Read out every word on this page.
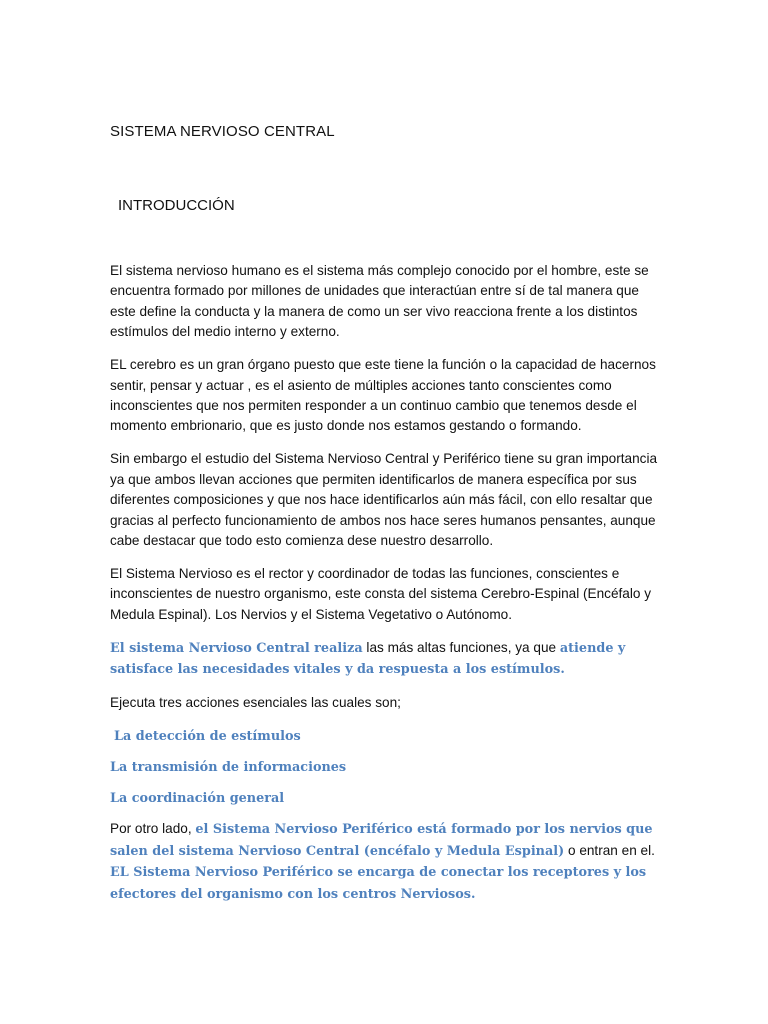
SISTEMA NERVIOSO CENTRAL
INTRODUCCIÓN

El sistema nervioso humano es el sistema más complejo conocido por el hombre, este se encuentra formado por millones de unidades que interactúan entre sí de tal manera que este define la conducta y la manera de como un ser vivo reacciona frente a los distintos estímulos del medio interno y externo.

EL cerebro es un gran órgano puesto que este tiene la función o la capacidad de hacernos sentir, pensar y actuar , es el asiento de múltiples acciones tanto conscientes como inconscientes que nos permiten responder a un continuo cambio que tenemos desde el momento embrionario, que es justo donde nos estamos gestando o formando.

Sin embargo el estudio del Sistema Nervioso Central y Periférico tiene su gran importancia ya que ambos llevan acciones que permiten identificarlos de manera específica por sus diferentes composiciones y que nos hace identificarlos aún más fácil, con ello resaltar que gracias al perfecto funcionamiento de ambos nos hace seres humanos pensantes, aunque cabe destacar que todo esto comienza dese nuestro desarrollo.

El Sistema Nervioso es el rector y coordinador de todas las funciones, conscientes e inconscientes de nuestro organismo, este consta del sistema Cerebro-Espinal (Encéfalo y Medula Espinal). Los Nervios y el Sistema Vegetativo o Autónomo.

El sistema Nervioso Central realiza las más altas funciones, ya que atiende y satisface las necesidades vitales y da respuesta a los estímulos.

Ejecuta tres acciones esenciales las cuales son;

La detección de estímulos

La transmisión de informaciones

La coordinación general

Por otro lado, el Sistema Nervioso Periférico está formado por los nervios que salen del sistema Nervioso Central (encéfalo y Medula Espinal) o entran en el. EL Sistema Nervioso Periférico se encarga de conectar los receptores y los efectores del organismo con los centros Nerviosos.
